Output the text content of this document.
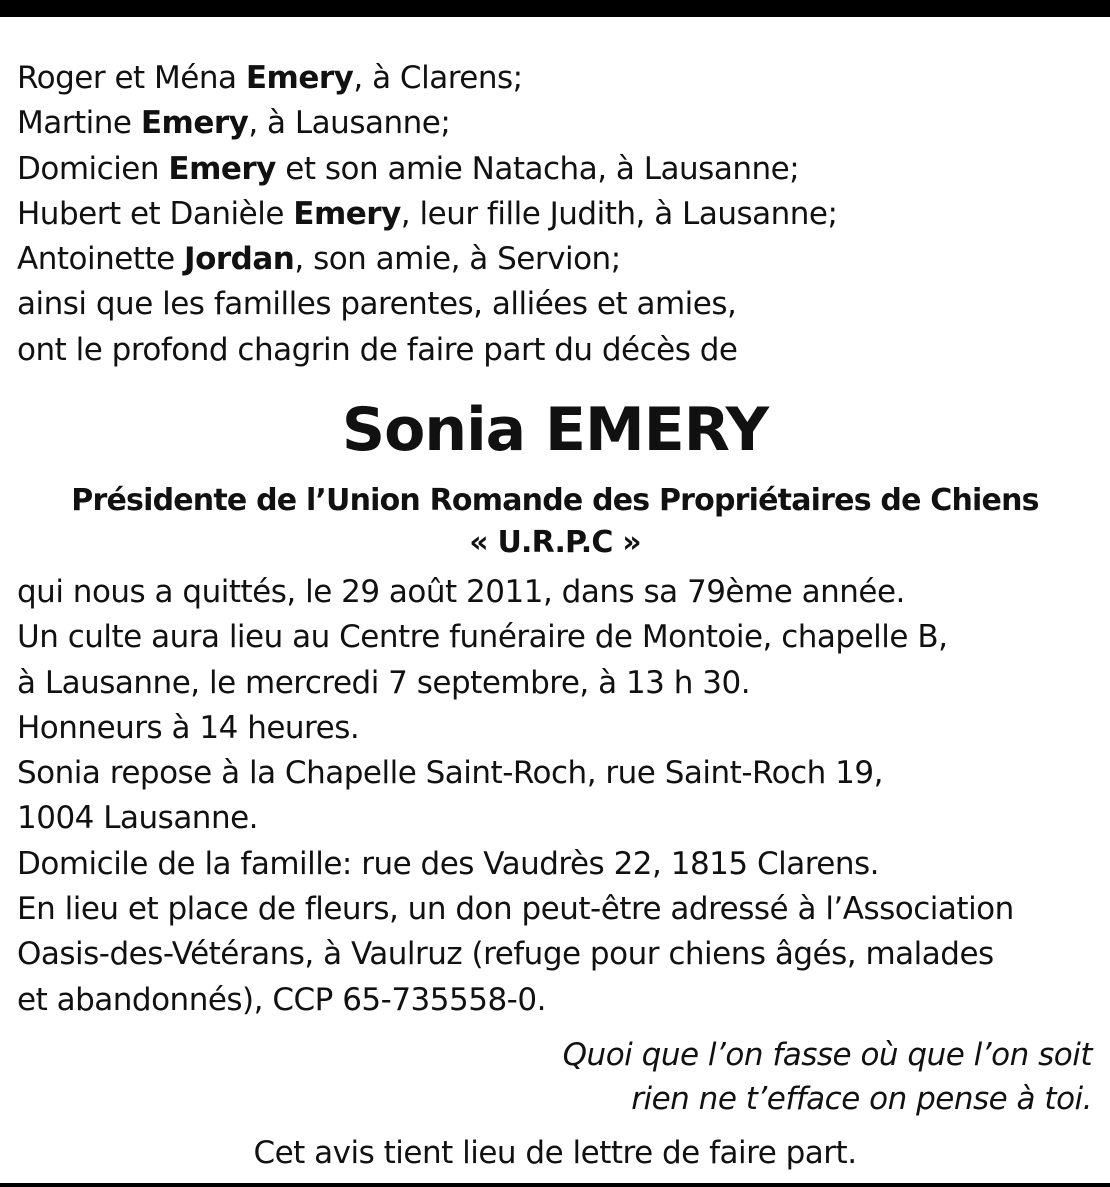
Roger et Ména Emery, à Clarens;
Martine Emery, à Lausanne;
Domicien Emery et son amie Natacha, à Lausanne;
Hubert et Danièle Emery, leur fille Judith, à Lausanne;
Antoinette Jordan, son amie, à Servion;
ainsi que les familles parentes, alliées et amies,
ont le profond chagrin de faire part du décès de
Sonia EMERY
Présidente de l’Union Romande des Propriétaires de Chiens
« U.R.P.C »
qui nous a quittés, le 29 août 2011, dans sa 79ème année.
Un culte aura lieu au Centre funéraire de Montoie, chapelle B,
à Lausanne, le mercredi 7 septembre, à 13 h 30.
Honneurs à 14 heures.
Sonia repose à la Chapelle Saint-Roch, rue Saint-Roch 19,
1004 Lausanne.
Domicile de la famille: rue des Vaudrès 22, 1815 Clarens.
En lieu et place de fleurs, un don peut-être adressé à l’Association
Oasis-des-Vétérans, à Vaulruz (refuge pour chiens âgés, malades
et abandonnés), CCP 65-735558-0.
Quoi que l’on fasse où que l’on soit
rien ne t’efface on pense à toi.
Cet avis tient lieu de lettre de faire part.
